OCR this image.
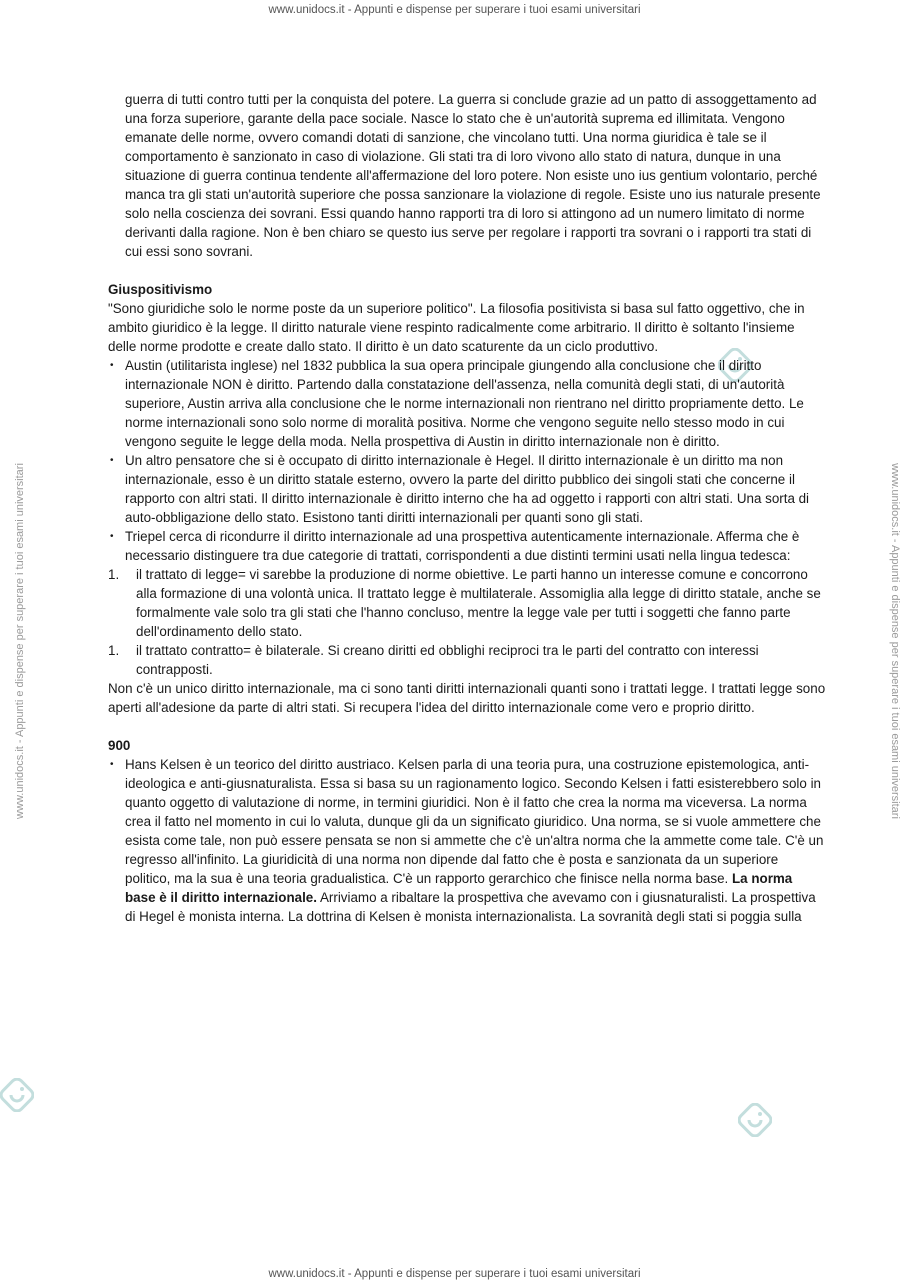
www.unidocs.it - Appunti e dispense per superare i tuoi esami universitari
www.unidocs.it - Appunti e dispense per superare i tuoi esami universitari
www.unidocs.it - Appunti e dispense per superare i tuoi esami universitari	www.unidocs.it - Appunti e dispense per superare i tuoi esami universitari

guerra di tutti contro tutti per la conquista del potere. La guerra si conclude grazie ad un patto di assoggettamento ad una forza superiore, garante della pace sociale. Nasce lo stato che è un'autorità suprema ed illimitata. Vengono emanate delle norme, ovvero comandi dotati di sanzione, che vincolano tutti. Una norma giuridica è tale se il comportamento è sanzionato in caso di violazione. Gli stati tra di loro vivono allo stato di natura, dunque in una situazione di guerra continua tendente all'affermazione del loro potere. Non esiste uno ius gentium volontario, perché manca tra gli stati un'autorità superiore che possa sanzionare la violazione di regole. Esiste uno ius naturale presente solo nella coscienza dei sovrani. Essi quando hanno rapporti tra di loro si attingono ad un numero limitato di norme derivanti dalla ragione. Non è ben chiaro se questo ius serve per regolare i rapporti tra sovrani o i rapporti tra stati di cui essi sono sovrani.

Giuspositivismo

"Sono giuridiche solo le norme poste da un superiore politico". La filosofia positivista si basa sul fatto oggettivo, che in ambito giuridico è la legge. Il diritto naturale viene respinto radicalmente come arbitrario. Il diritto è soltanto l'insieme delle norme prodotte e create dallo stato. Il diritto è un dato scaturente da un ciclo produttivo.

• Austin (utilitarista inglese) nel 1832 pubblica la sua opera principale giungendo alla conclusione che il diritto internazionale NON è diritto. Partendo dalla constatazione dell'assenza, nella comunità degli stati, di un'autorità superiore, Austin arriva alla conclusione che le norme internazionali non rientrano nel diritto propriamente detto. Le norme internazionali sono solo norme di moralità positiva. Norme che vengono seguite nello stesso modo in cui vengono seguite le legge della moda. Nella prospettiva di Austin in diritto internazionale non è diritto.
• Un altro pensatore che si è occupato di diritto internazionale è Hegel. Il diritto internazionale è un diritto ma non internazionale, esso è un diritto statale esterno, ovvero la parte del diritto pubblico dei singoli stati che concerne il rapporto con altri stati. Il diritto internazionale è diritto interno che ha ad oggetto i rapporti con altri stati. Una sorta di auto-obbligazione dello stato. Esistono tanti diritti internazionali per quanti sono gli stati.
• Triepel cerca di ricondurre il diritto internazionale ad una prospettiva autenticamente internazionale. Afferma che è necessario distinguere tra due categorie di trattati, corrispondenti a due distinti termini usati nella lingua tedesca:
1. il trattato di legge= vi sarebbe la produzione di norme obiettive. Le parti hanno un interesse comune e concorrono alla formazione di una volontà unica. Il trattato legge è multilaterale. Assomiglia alla legge di diritto statale, anche se formalmente vale solo tra gli stati che l'hanno concluso, mentre la legge vale per tutti i soggetti che fanno parte dell'ordinamento dello stato.
1. il trattato contratto= è bilaterale. Si creano diritti ed obblighi reciproci tra le parti del contratto con interessi contrapposti.

Non c'è un unico diritto internazionale, ma ci sono tanti diritti internazionali quanti sono i trattati legge. I trattati legge sono aperti all'adesione da parte di altri stati. Si recupera l'idea del diritto internazionale come vero e proprio diritto.

900

• Hans Kelsen è un teorico del diritto austriaco. Kelsen parla di una teoria pura, una costruzione epistemologica, anti-ideologica e anti-giusnaturalista. Essa si basa su un ragionamento logico. Secondo Kelsen i fatti esisterebbero solo in quanto oggetto di valutazione di norme, in termini giuridici. Non è il fatto che crea la norma ma viceversa. La norma crea il fatto nel momento in cui lo valuta, dunque gli da un significato giuridico. Una norma, se si vuole ammettere che esista come tale, non può essere pensata se non si ammette che c'è un'altra norma che la ammette come tale. C'è un regresso all'infinito. La giuridicità di una norma non dipende dal fatto che è posta e sanzionata da un superiore politico, ma la sua è una teoria gradualistica. C'è un rapporto gerarchico che finisce nella norma base. La norma base è il diritto internazionale. Arriviamo a ribaltare la prospettiva che avevamo con i giusnaturalisti. La prospettiva di Hegel è monista interna. La dottrina di Kelsen è monista internazionalista. La sovranità degli stati si poggia sulla
